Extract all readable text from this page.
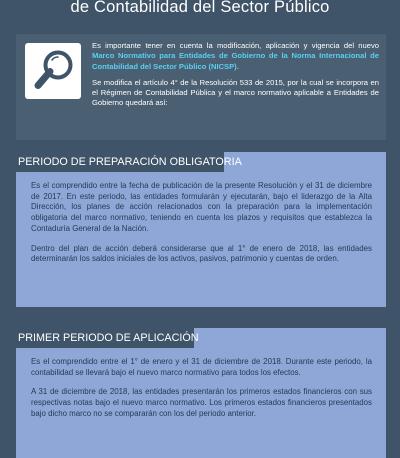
de Contabilidad del Sector Público

Es importante tener en cuenta la modificación, aplicación y vigencia del nuevo Marco Normativo para Entidades de Gobierno de la Norma Internacional de Contabilidad del Sector Público (NICSP).

Se modifica el artículo 4° de la Resolución 533 de 2015, por la cual se incorpora en el Régimen de Contabilidad Pública y el marco normativo aplicable a Entidades de Gobierno quedará así:

PERIODO DE PREPARACIÓN OBLIGATORIA

Es el comprendido entre la fecha de publicación de la presente Resolución y el 31 de diciembre de 2017. En este periodo, las entidades formularán y ejecutarán, bajo el liderazgo de la Alta Dirección, los planes de acción relacionados con la preparación para la implementación obligatoria del marco normativo, teniendo en cuenta los plazos y requisitos que establezca la Contaduría General de la Nación.

Dentro del plan de acción deberá considerarse que al 1° de enero de 2018, las entidades determinarán los saldos iniciales de los activos, pasivos, patrimonio y cuentas de orden.

PRIMER PERIODO DE APLICACIÓN

Es el comprendido entre el 1° de enero y el 31 de diciembre de 2018. Durante este periodo, la contabilidad se llevará bajo el nuevo marco normativo para todos los efectos.

A 31 de diciembre de 2018, las entidades presentarán los primeros estados financieros con sus respectivas notas bajo el nuevo marco normativo. Los primeros estados financieros presentados bajo dicho marco no se compararán con los del periodo anterior.
